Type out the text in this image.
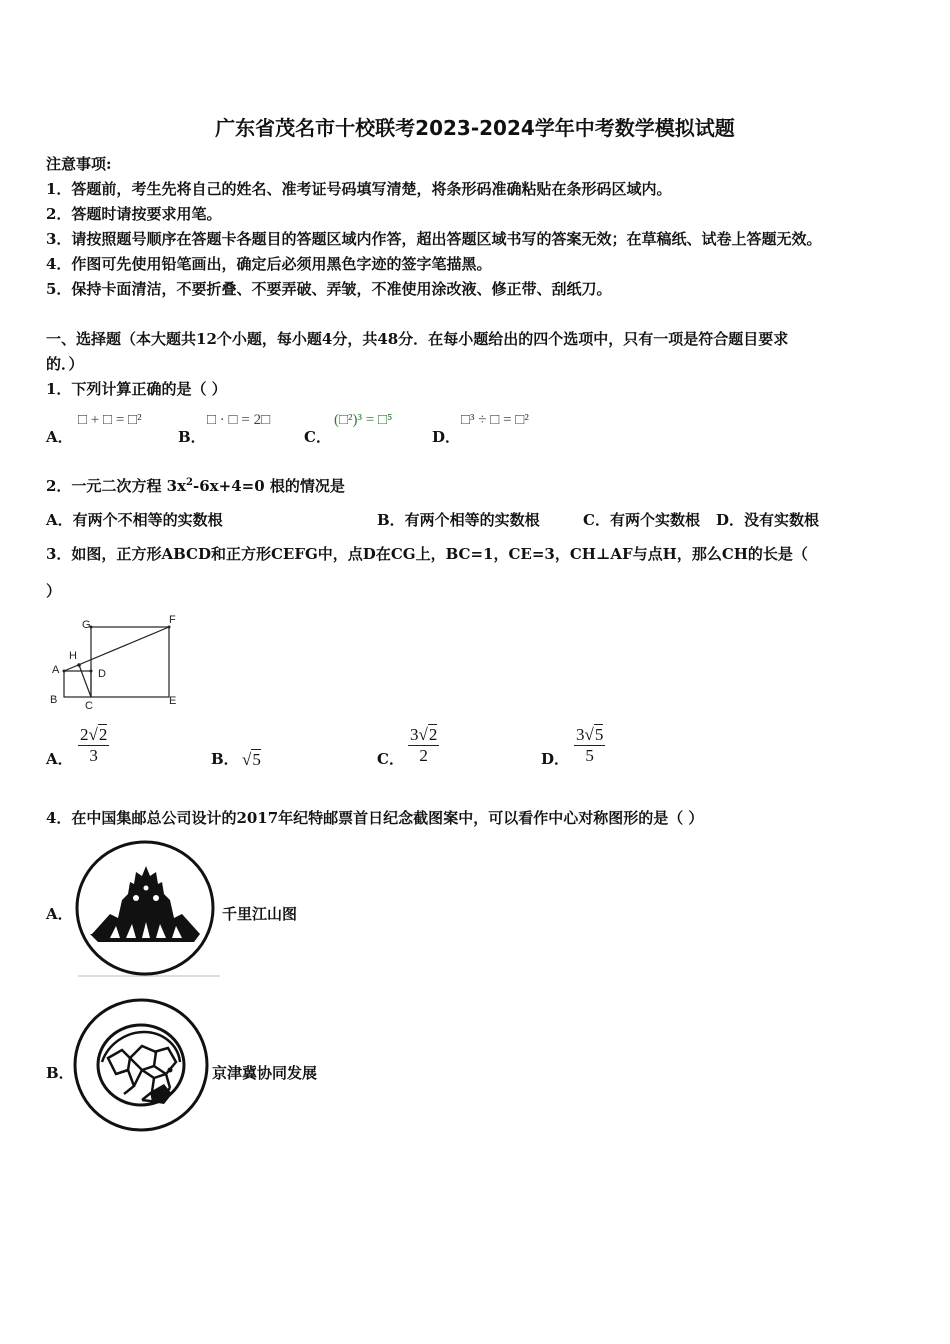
广东省茂名市十校联考2023-2024学年中考数学模拟试题
注意事项:
1．答题前，考生先将自己的姓名、准考证号码填写清楚，将条形码准确粘贴在条形码区域内。
2．答题时请按要求用笔。
3．请按照题号顺序在答题卡各题目的答题区域内作答，超出答题区域书写的答案无效；在草稿纸、试卷上答题无效。
4．作图可先使用铅笔画出，确定后必须用黑色字迹的签字笔描黑。
5．保持卡面清洁，不要折叠、不要弄破、弄皱，不准使用涂改液、修正带、刮纸刀。
一、选择题（本大题共12个小题，每小题4分，共48分．在每小题给出的四个选项中，只有一项是符合题目要求
的．）
1．下列计算正确的是（ ）
A．
□ + □ = □²
B．
□ · □ = 2□
C．
(□²)³ = □⁵
D．
□³ ÷ □ = □²
2．一元二次方程 $3x^2-6x+4=0$ 根的情况是
A．有两个不相等的实数根	B．有两个相等的实数根	C．有两个实数根 D．没有实数根
3．如图，正方形ABCD和正方形CEFG中，点D在CG上，BC=1，CE=3，CH⊥AF与点H，那么CH的长是（
）
G	F
H
A	D
B	C	E
A． $\frac{2√2}{3}$	B． √5	C． $\frac{3√2}{2}$	D． $\frac{3√5}{5}$
4．在中国集邮总公司设计的2017年纪特邮票首日纪念截图案中，可以看作中心对称图形的是（ ）
A．	千里江山图
B．	京津冀协同发展
